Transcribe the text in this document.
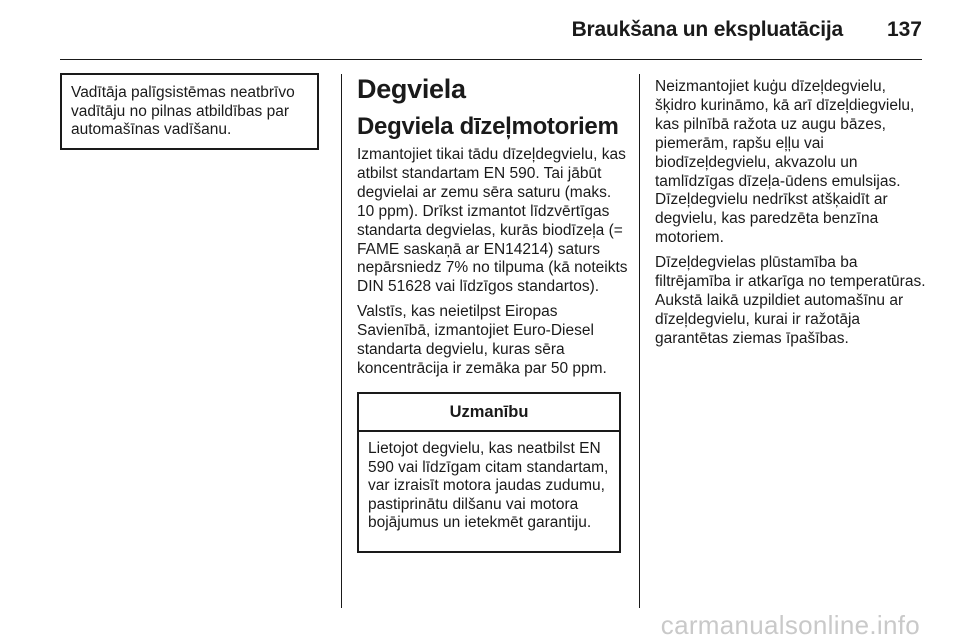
Braukšana un ekspluatācija 137
Vadītāja palīgsistēmas neatbrīvo vadītāju no pilnas atbildības par automašīnas vadīšanu.
Degviela
Degviela dīzeļmotoriem

Izmantojiet tikai tādu dīzeļdegvielu, kas atbilst standartam EN 590. Tai jābūt degvielai ar zemu sēra saturu (maks. 10 ppm). Drīkst izmantot līdzvērtīgas standarta degvielas, kurās biodīzeļa (= FAME saskaņā ar EN14214) saturs nepārsniedz 7% no tilpuma (kā noteikts DIN 51628 vai līdzīgos standartos).

Valstīs, kas neietilpst Eiropas Savienībā, izmantojiet Euro-Diesel standarta degvielu, kuras sēra koncentrācija ir zemāka par 50 ppm.

Uzmanību
Lietojot degvielu, kas neatbilst EN 590 vai līdzīgam citam standartam, var izraisīt motora jaudas zudumu, pastiprinātu dilšanu vai motora bojājumus un ietekmēt garantiju.

Neizmantojiet kuģu dīzeļdegvielu, šķidro kurināmo, kā arī dīzeļdiegvielu, kas pilnībā ražota uz augu bāzes, piemerām, rapšu eļļu vai biodīzeļdegvielu, akvazolu un tamlīdzīgas dīzeļa-ūdens emulsijas. Dīzeļdegvielu nedrīkst atšķaidīt ar degvielu, kas paredzēta benzīna motoriem.

Dīzeļdegvielas plūstamība ba filtrējamība ir atkarīga no temperatūras. Aukstā laikā uzpildiet automašīnu ar dīzeļdegvielu, kurai ir ražotāja garantētas ziemas īpašības.

carmanualsonline.info
